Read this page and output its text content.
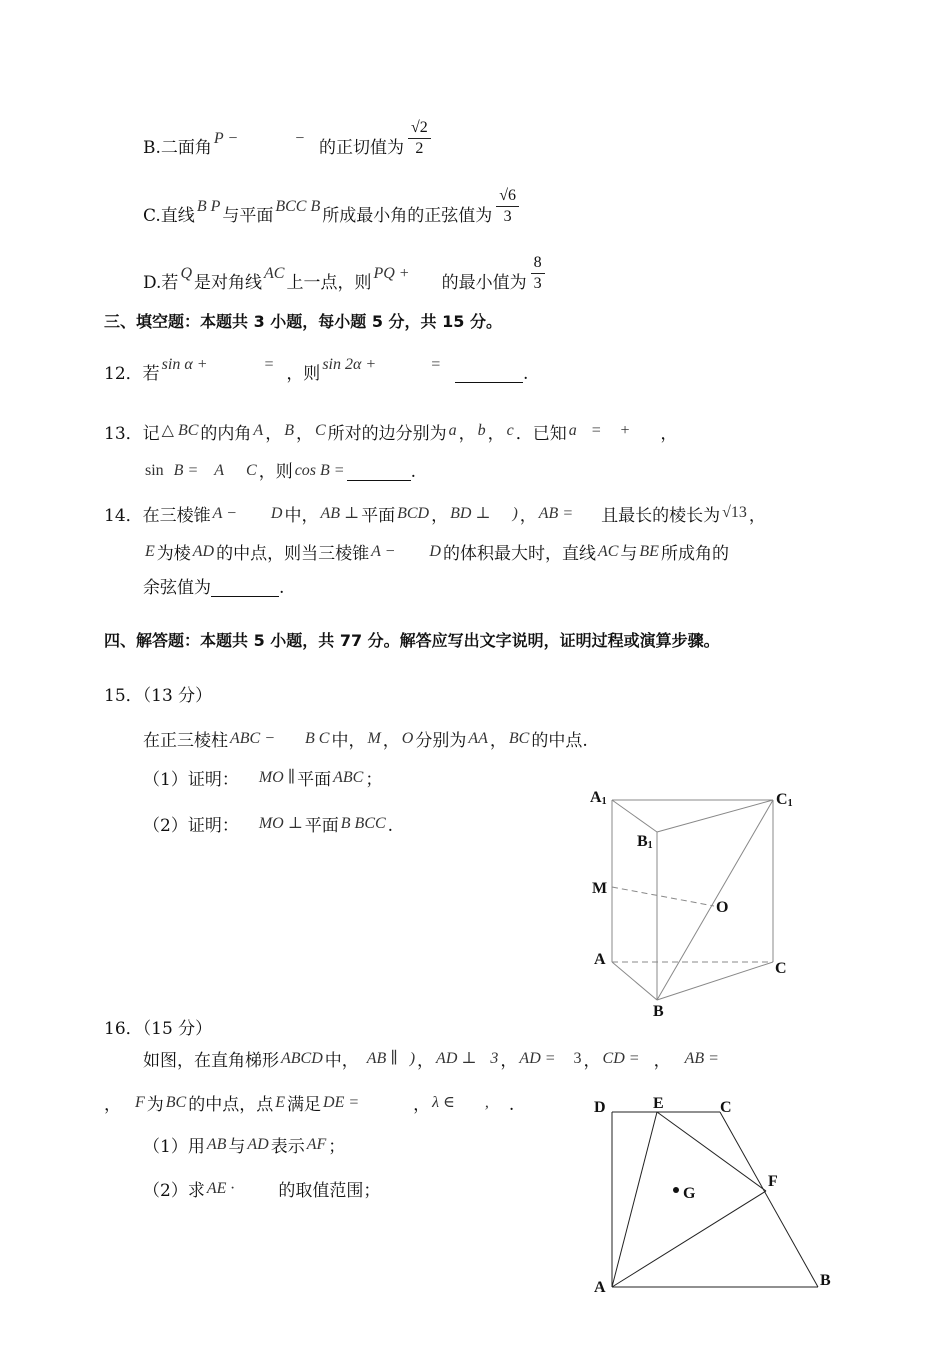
B.二面角 P −	− 的正切值为 $\frac{√2}{2}$
C.直线 B P 与平面 BCC B 所成最小角的正弦值为 $\frac{√6}{3}$
D.若 Q 是对角线 AC 上一点，则 PQ + 的最小值为 $\frac{8}{3}$
三、填空题：本题共 3 小题，每小题 5 分，共 15 分。
12．若 sin α +	= ，则 sin 2α +	=	.
13．记 △ BC 的内角 A ， B ， C 所对的边分别为 a ， b ， c ．已知 a = + ，
sin B = A C ，则 cos B =	.
14．在三棱锥 A − D 中， AB ⊥ 平面 BCD ， BD ⊥ ) ， AB = 且最长的棱长为 √13 ，
E 为棱 AD 的中点，则当三棱锥 A − D 的体积最大时，直线 AC 与 BE 所成角的
余弦值为	.
四、解答题：本题共 5 小题，共 77 分。解答应写出文字说明，证明过程或演算步骤。
15．（13 分）
在正三棱柱 ABC − B C 中， M ， O 分别为 AA ， BC 的中点.
（1）证明： MO ∥ 平面 ABC ；
（2）证明： MO ⊥ 平面 B BCC .
A1	C1
B1
M
O
A
C
B
16．（15 分）
如图，在直角梯形 ABCD 中， AB ∥ ) ， AD ⊥ 3 ， AD = 3 ， CD = ， AB =
， F 为 BC 的中点，点 E 满足 DE =	， λ ∈ , .
（1）用 AB 与 AD 表示 AF ；
（2）求 AE ·	的取值范围；
D	E	C
F
G
A	B
